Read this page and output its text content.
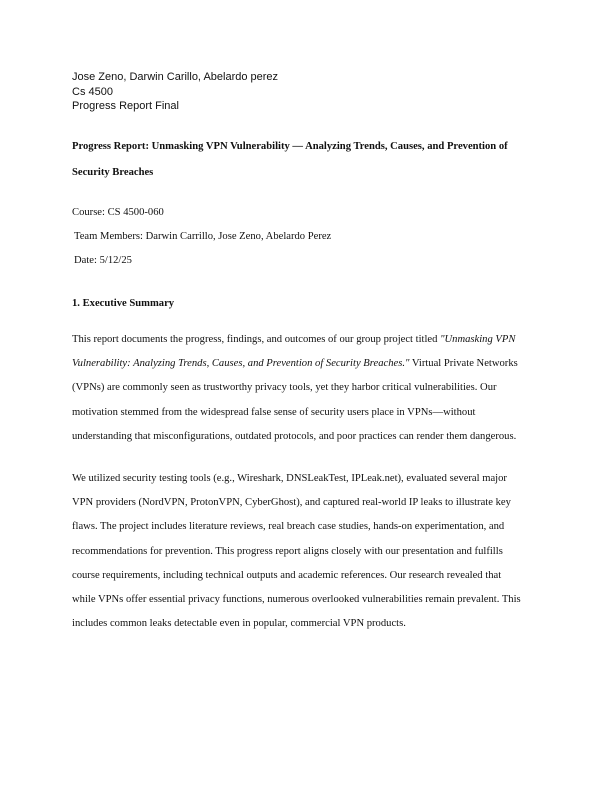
Jose Zeno, Darwin Carillo, Abelardo perez
Cs 4500
Progress Report Final
Progress Report: Unmasking VPN Vulnerability — Analyzing Trends, Causes, and Prevention of
Security Breaches
Course: CS 4500-060
Team Members: Darwin Carrillo, Jose Zeno, Abelardo Perez
Date: 5/12/25
1. Executive Summary
This report documents the progress, findings, and outcomes of our group project titled "Unmasking VPN
Vulnerability: Analyzing Trends, Causes, and Prevention of Security Breaches." Virtual Private Networks
(VPNs) are commonly seen as trustworthy privacy tools, yet they harbor critical vulnerabilities. Our
motivation stemmed from the widespread false sense of security users place in VPNs—without
understanding that misconfigurations, outdated protocols, and poor practices can render them dangerous.
We utilized security testing tools (e.g., Wireshark, DNSLeakTest, IPLeak.net), evaluated several major
VPN providers (NordVPN, ProtonVPN, CyberGhost), and captured real-world IP leaks to illustrate key
flaws. The project includes literature reviews, real breach case studies, hands-on experimentation, and
recommendations for prevention. This progress report aligns closely with our presentation and fulfills
course requirements, including technical outputs and academic references. Our research revealed that
while VPNs offer essential privacy functions, numerous overlooked vulnerabilities remain prevalent. This
includes common leaks detectable even in popular, commercial VPN products.
